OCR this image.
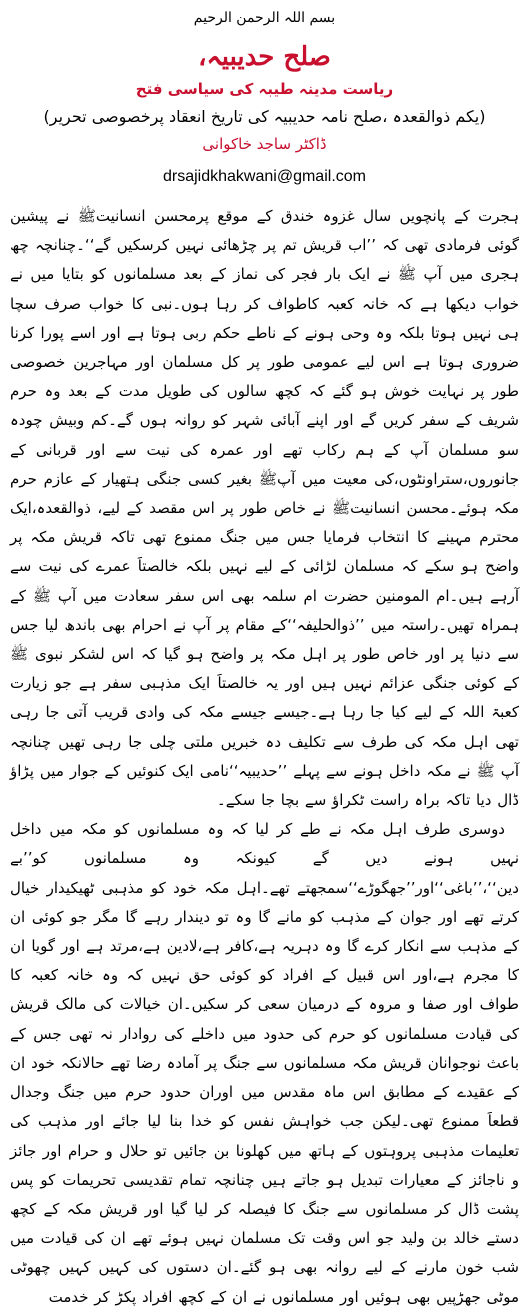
بسم اللہ الرحمن الرحیم
صلح حدیبیہ،
ریاست مدینہ طیبہ کی سیاسی فتح
(یکم ذوالقعدہ ،صلح نامہ حدیبیہ کی تاریخ انعقاد پرخصوصی تحریر)
ڈاکٹر ساجد خاکوانی
drsajidkhakwani@gmail.com

ہجرت کے پانچویں سال غزوہ خندق کے موقع پرمحسن انسانیتﷺ نے پیشین گوئی فرمادی تھی کہ ’’اب قریش تم پر چڑھائی نہیں کرسکیں گے‘‘۔چنانچہ چھ ہجری میں آپ ﷺ نے ایک بار فجر کی نماز کے بعد مسلمانوں کو بتایا میں نے خواب دیکھا ہے کہ خانہ کعبہ کاطواف کر رہا ہوں۔نبی کا خواب صرف سچا ہی نہیں ہوتا بلکہ وہ وحی ہونے کے ناطے حکم ربی ہوتا ہے اور اسے پورا کرنا ضروری ہوتا ہے اس لیے عمومی طور پر کل مسلمان اور مہاجرین خصوصی طور پر نہایت خوش ہو گئے کہ کچھ سالوں کی طویل مدت کے بعد وہ حرم شریف کے سفر کریں گے اور اپنے آبائی شہر کو روانہ ہوں گے۔کم وبیش چودہ سو مسلمان آپ کے ہم رکاب تھے اور عمرہ کی نیت سے اور قربانی کے جانوروں،ستراونٹوں،کی معیت میں آپﷺ بغیر کسی جنگی ہتھیار کے عازم حرم مکہ ہوئے۔محسن انسانیتﷺ نے خاص طور پر اس مقصد کے لیے، ذوالقعدہ،ایک محترم مہینے کا انتخاب فرمایا جس میں جنگ ممنوع تھی تاکہ قریش مکہ پر واضح ہو سکے کہ مسلمان لڑائی کے لیے نہیں بلکہ خالصتاََ عمرے کی نیت سے آرہے ہیں۔ام المومنین حضرت ام سلمہ بھی اس سفر سعادت میں آپ ﷺ کے ہمراہ تھیں۔راستہ میں ’’ذوالحلیفہ‘‘کے مقام پر آپ نے احرام بھی باندھ لیا جس سے دنیا پر اور خاص طور پر اہل مکہ پر واضح ہو گیا کہ اس لشکر نبوی ﷺ کے کوئی جنگی عزائم نہیں ہیں اور یہ خالصتاََ ایک مذہبی سفر ہے جو زیارت کعبۃ اللہ کے لیے کیا جا رہا ہے۔جیسے جیسے مکہ کی وادی قریب آتی جا رہی تھی اہل مکہ کی طرف سے تکلیف دہ خبریں ملتی چلی جا رہی تھیں چنانچہ آپ ﷺ نے مکہ داخل ہونے سے پہلے ’’حدیبیہ‘‘نامی ایک کنوئیں کے جوار میں پڑاؤ ڈال دیا تاکہ براہ راست ٹکراؤ سے بچا جا سکے۔

دوسری طرف اہل مکہ نے طے کر لیا کہ وہ مسلمانوں کو مکہ میں داخل نہیں ہونے دیں گے کیونکہ وہ مسلمانوں کو’’بے دین‘‘،’’باغی‘‘اور’’جھگوڑے‘‘سمجھتے تھے۔اہل مکہ خود کو مذہبی ٹھیکیدار خیال کرتے تھے اور جوان کے مذہب کو مانے گا وہ تو دیندار رہے گا مگر جو کوئی ان کے مذہب سے انکار کرے گا وہ دہریہ ہے،کافر ہے،لادین ہے،مرتد ہے اور گویا ان کا مجرم ہے،اور اس قبیل کے افراد کو کوئی حق نہیں کہ وہ خانہ کعبہ کا طواف اور صفا و مروہ کے درمیان سعی کر سکیں۔ان خیالات کی مالک قریش کی قیادت مسلمانوں کو حرم کی حدود میں داخلے کی روادار نہ تھی جس کے باعث نوجوانان قریش مکہ مسلمانوں سے جنگ پر آمادہ رضا تھے حالانکہ خود ان کے عقیدے کے مطابق اس ماہ مقدس میں اوران حدود حرم میں جنگ وجدال قطعاََ ممنوع تھی۔لیکن جب خواہش نفس کو خدا بنا لیا جائے اور مذہب کی تعلیمات مذہبی پروہتوں کے ہاتھ میں کھلونا بن جائیں تو حلال و حرام اور جائز و ناجائز کے معیارات تبدیل ہو جاتے ہیں چنانچہ تمام تقدیسی تحریمات کو پس پشت ڈال کر مسلمانوں سے جنگ کا فیصلہ کر لیا گیا اور قریش مکہ کے کچھ دستے خالد بن ولید جو اس وقت تک مسلمان نہیں ہوئے تھے ان کی قیادت میں شب خون مارنے کے لیے روانہ بھی ہو گئے۔ان دستوں کی کہیں کہیں چھوٹی موٹی جھڑپیں بھی ہوئیں اور مسلمانوں نے ان کے کچھ افراد پکڑ کر خدمت
